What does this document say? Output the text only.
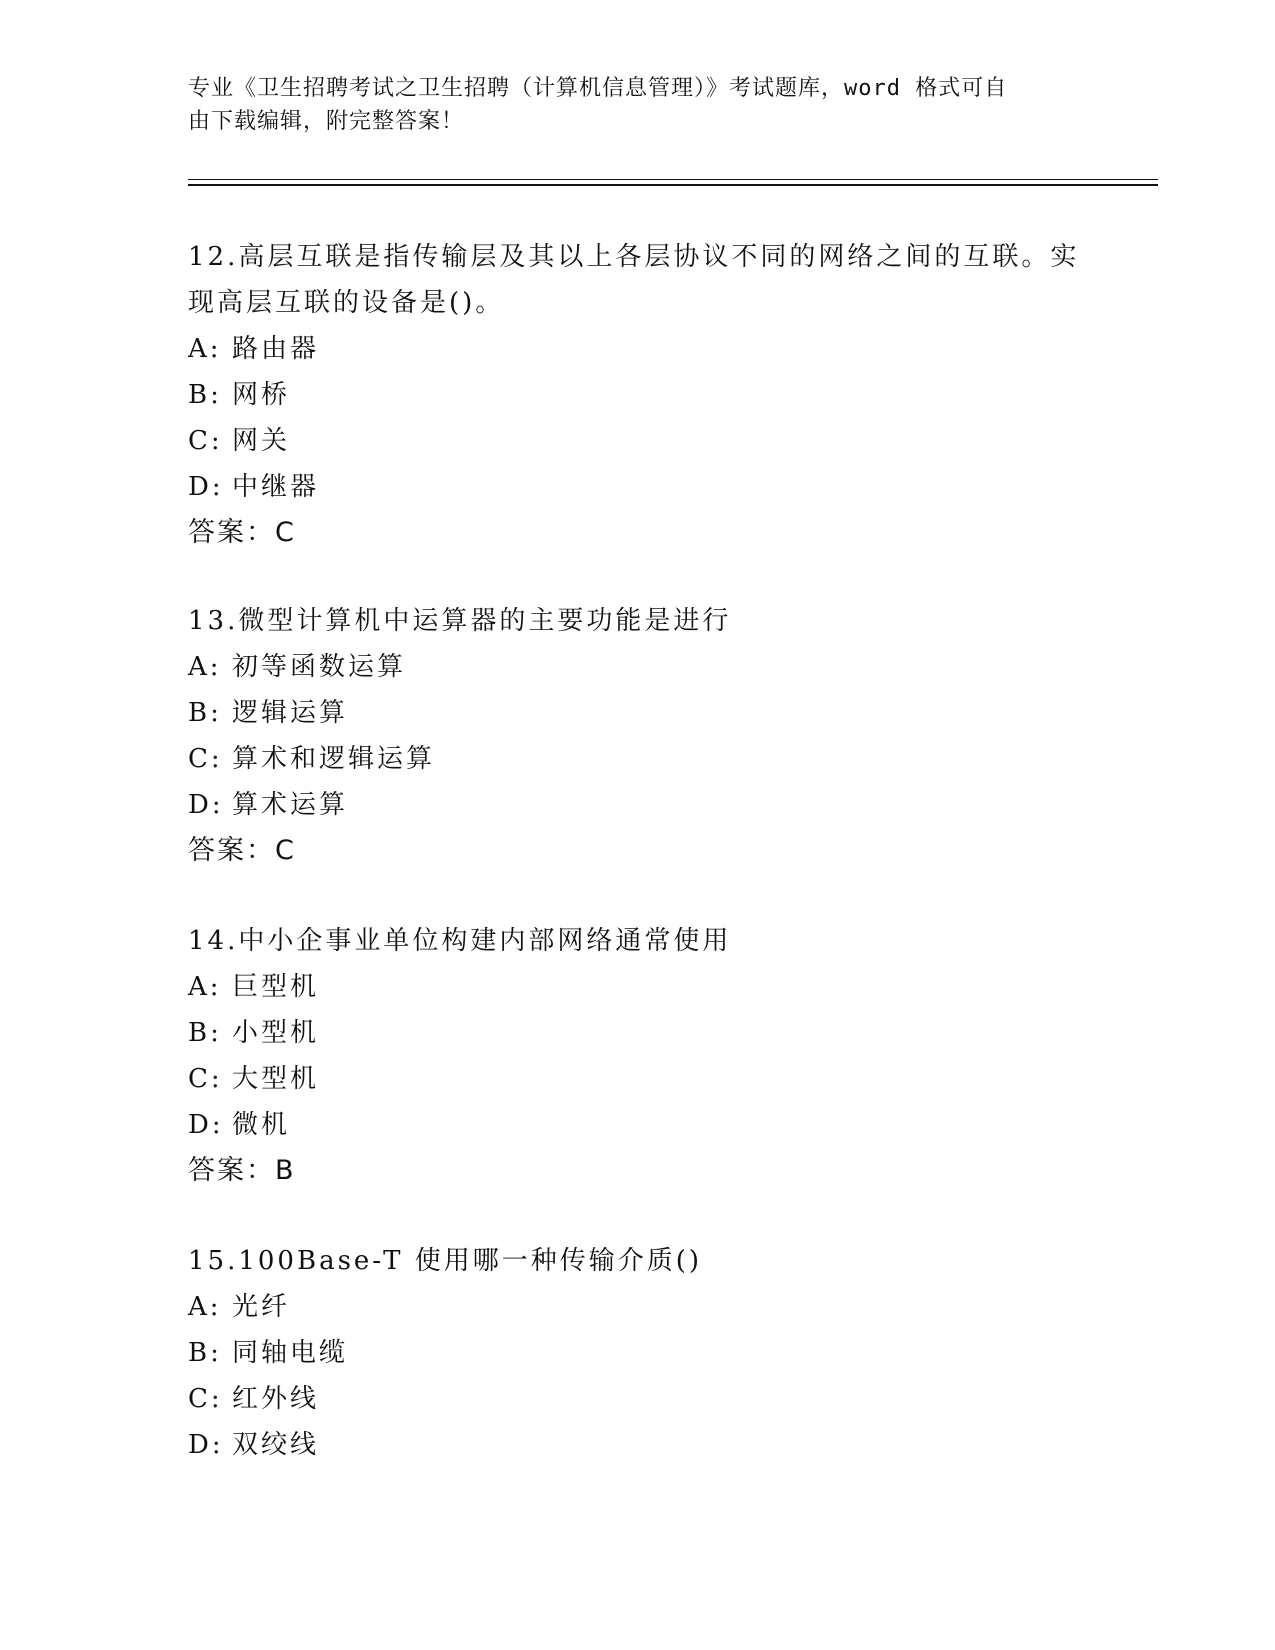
专业《卫生招聘考试之卫生招聘（计算机信息管理）》考试题库，word 格式可自
由下载编辑，附完整答案！
12.高层互联是指传输层及其以上各层协议不同的网络之间的互联。实
现高层互联的设备是()。
A: 路由器
B: 网桥
C: 网关
D: 中继器
答案：C
13.微型计算机中运算器的主要功能是进行
A: 初等函数运算
B: 逻辑运算
C: 算术和逻辑运算
D: 算术运算
答案：C
14.中小企事业单位构建内部网络通常使用
A: 巨型机
B: 小型机
C: 大型机
D: 微机
答案：B
15.100Base-T 使用哪一种传输介质()
A: 光纤
B: 同轴电缆
C: 红外线
D: 双绞线
